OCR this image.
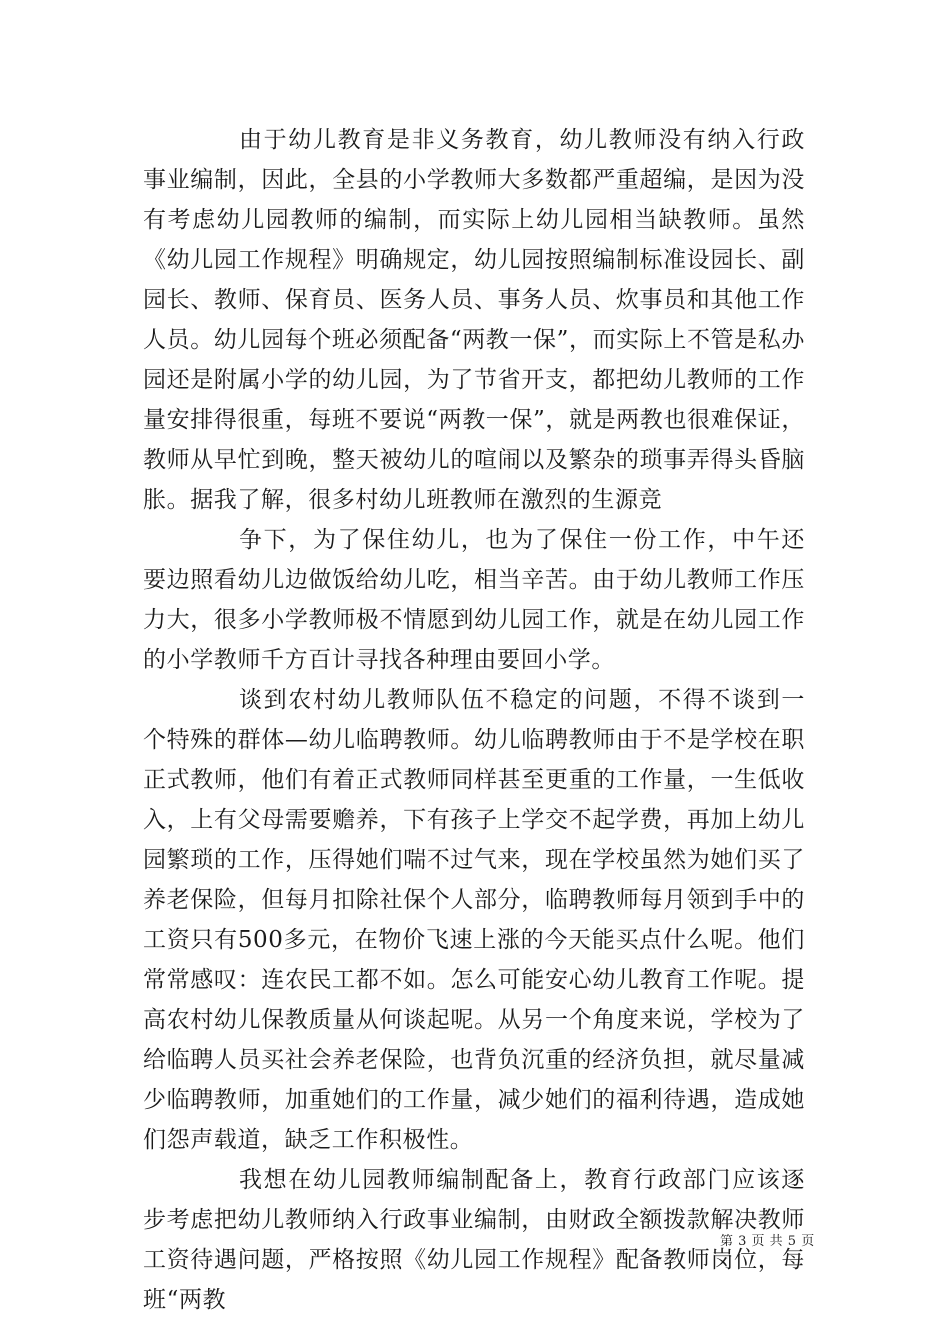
由于幼儿教育是非义务教育，幼儿教师没有纳入行政事业编制，因此，全县的小学教师大多数都严重超编，是因为没有考虑幼儿园教师的编制，而实际上幼儿园相当缺教师。虽然《幼儿园工作规程》明确规定，幼儿园按照编制标准设园长、副园长、教师、保育员、医务人员、事务人员、炊事员和其他工作人员。幼儿园每个班必须配备“两教一保”，而实际上不管是私办园还是附属小学的幼儿园，为了节省开支，都把幼儿教师的工作量安排得很重，每班不要说“两教一保”，就是两教也很难保证，教师从早忙到晚，整天被幼儿的喧闹以及繁杂的琐事弄得头昏脑胀。据我了解，很多村幼儿班教师在激烈的生源竞

争下，为了保住幼儿，也为了保住一份工作，中午还要边照看幼儿边做饭给幼儿吃，相当辛苦。由于幼儿教师工作压力大，很多小学教师极不情愿到幼儿园工作，就是在幼儿园工作的小学教师千方百计寻找各种理由要回小学。

谈到农村幼儿教师队伍不稳定的问题，不得不谈到一个特殊的群体—幼儿临聘教师。幼儿临聘教师由于不是学校在职正式教师，他们有着正式教师同样甚至更重的工作量，一生低收入，上有父母需要赡养，下有孩子上学交不起学费，再加上幼儿园繁琐的工作，压得她们喘不过气来，现在学校虽然为她们买了养老保险，但每月扣除社保个人部分，临聘教师每月领到手中的工资只有500多元，在物价飞速上涨的今天能买点什么呢。他们常常感叹：连农民工都不如。怎么可能安心幼儿教育工作呢。提高农村幼儿保教质量从何谈起呢。从另一个角度来说，学校为了给临聘人员买社会养老保险，也背负沉重的经济负担，就尽量减少临聘教师，加重她们的工作量，减少她们的福利待遇，造成她们怨声载道，缺乏工作积极性。

我想在幼儿园教师编制配备上，教育行政部门应该逐步考虑把幼儿教师纳入行政事业编制，由财政全额拨款解决教师工资待遇问题，严格按照《幼儿园工作规程》配备教师岗位，每班“两教

第 3 页 共 5 页
